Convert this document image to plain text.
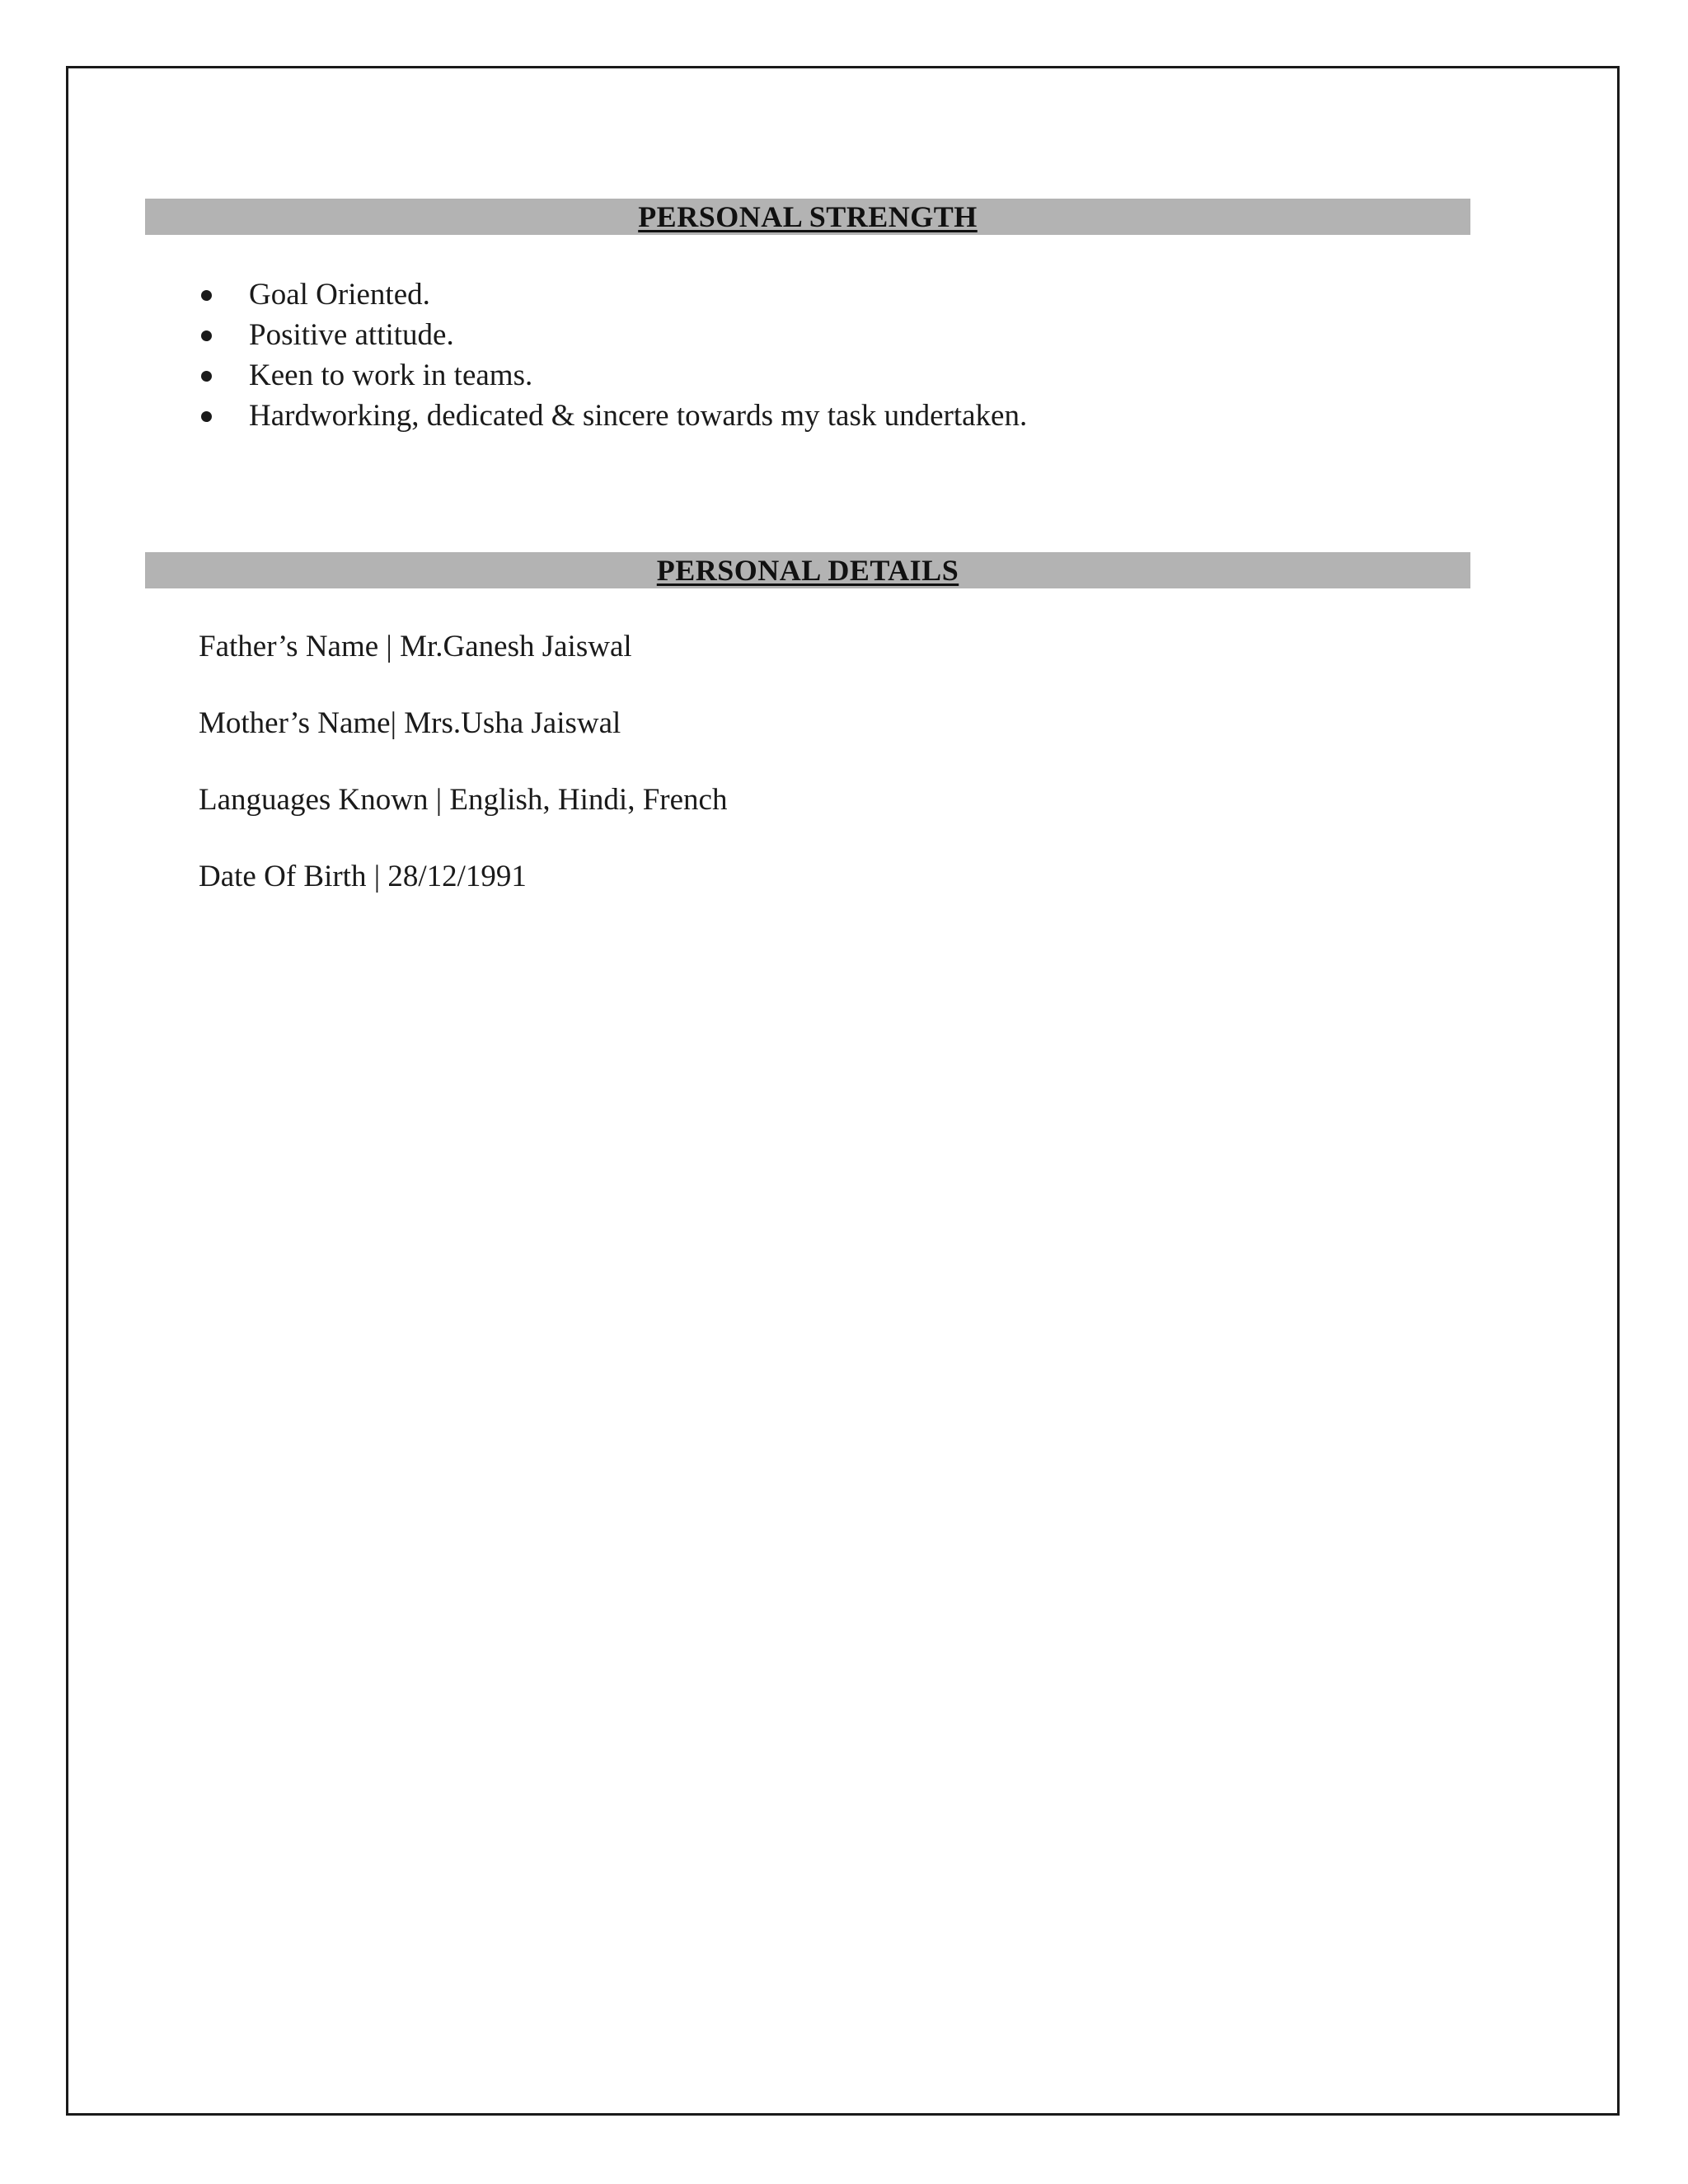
PERSONAL STRENGTH
Goal Oriented.
Positive attitude.
Keen to work in teams.
Hardworking, dedicated & sincere towards my task undertaken.
PERSONAL DETAILS
Father’s Name | Mr.Ganesh Jaiswal
Mother’s Name| Mrs.Usha Jaiswal
Languages Known | English, Hindi, French
Date Of Birth | 28/12/1991
